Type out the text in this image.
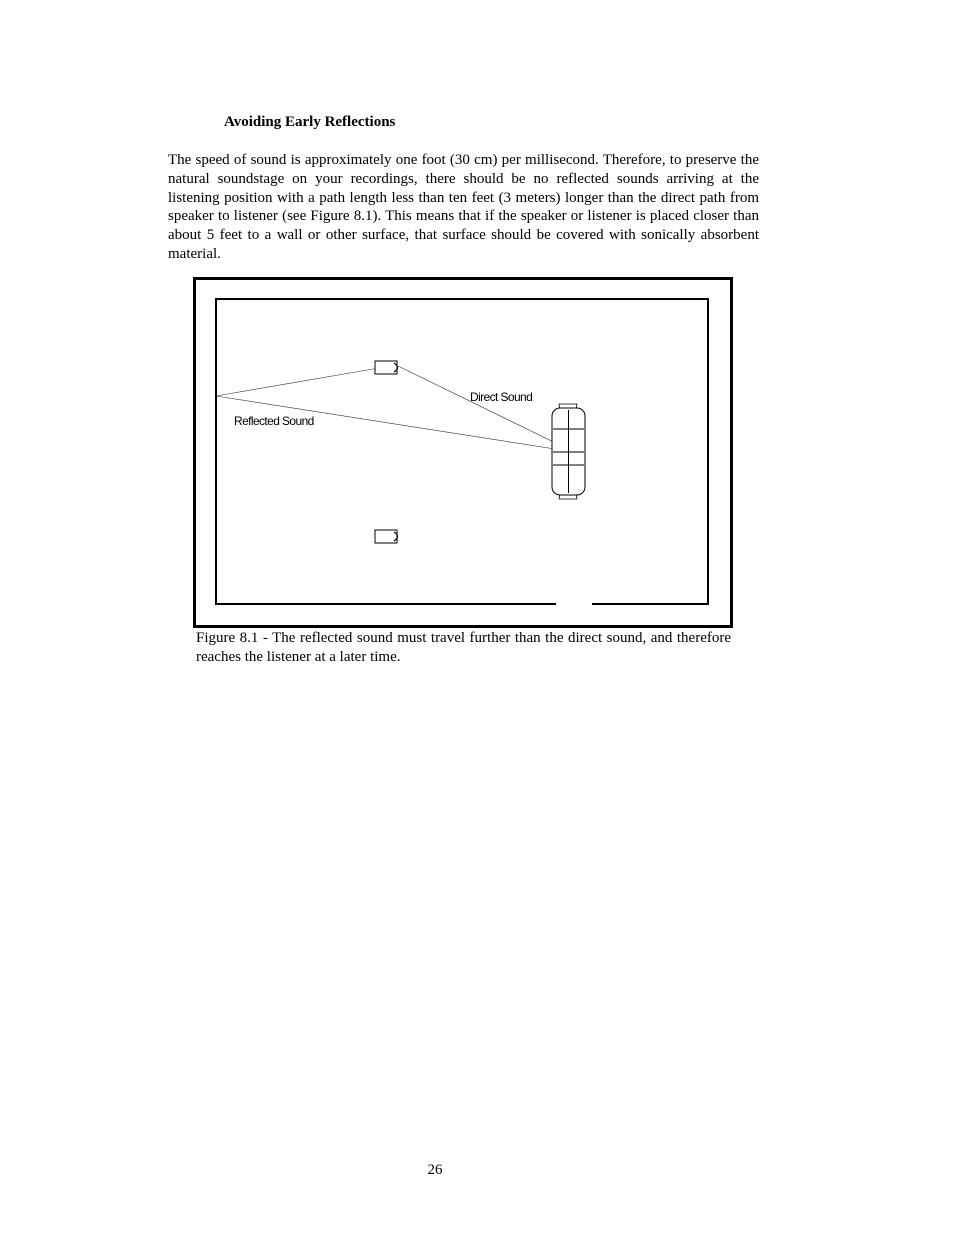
Avoiding Early Reflections

The speed of sound is approximately one foot (30 cm) per millisecond. Therefore, to preserve the natural soundstage on your recordings, there should be no reflected sounds arriving at the listening position with a path length less than ten feet (3 meters) longer than the direct path from speaker to listener (see Figure 8.1). This means that if the speaker or listener is placed closer than about 5 feet to a wall or other surface, that surface should be covered with sonically absorbent material.

Direct Sound
Reflected Sound

Figure 8.1 - The reflected sound must travel further than the direct sound, and therefore reaches the listener at a later time.

26
